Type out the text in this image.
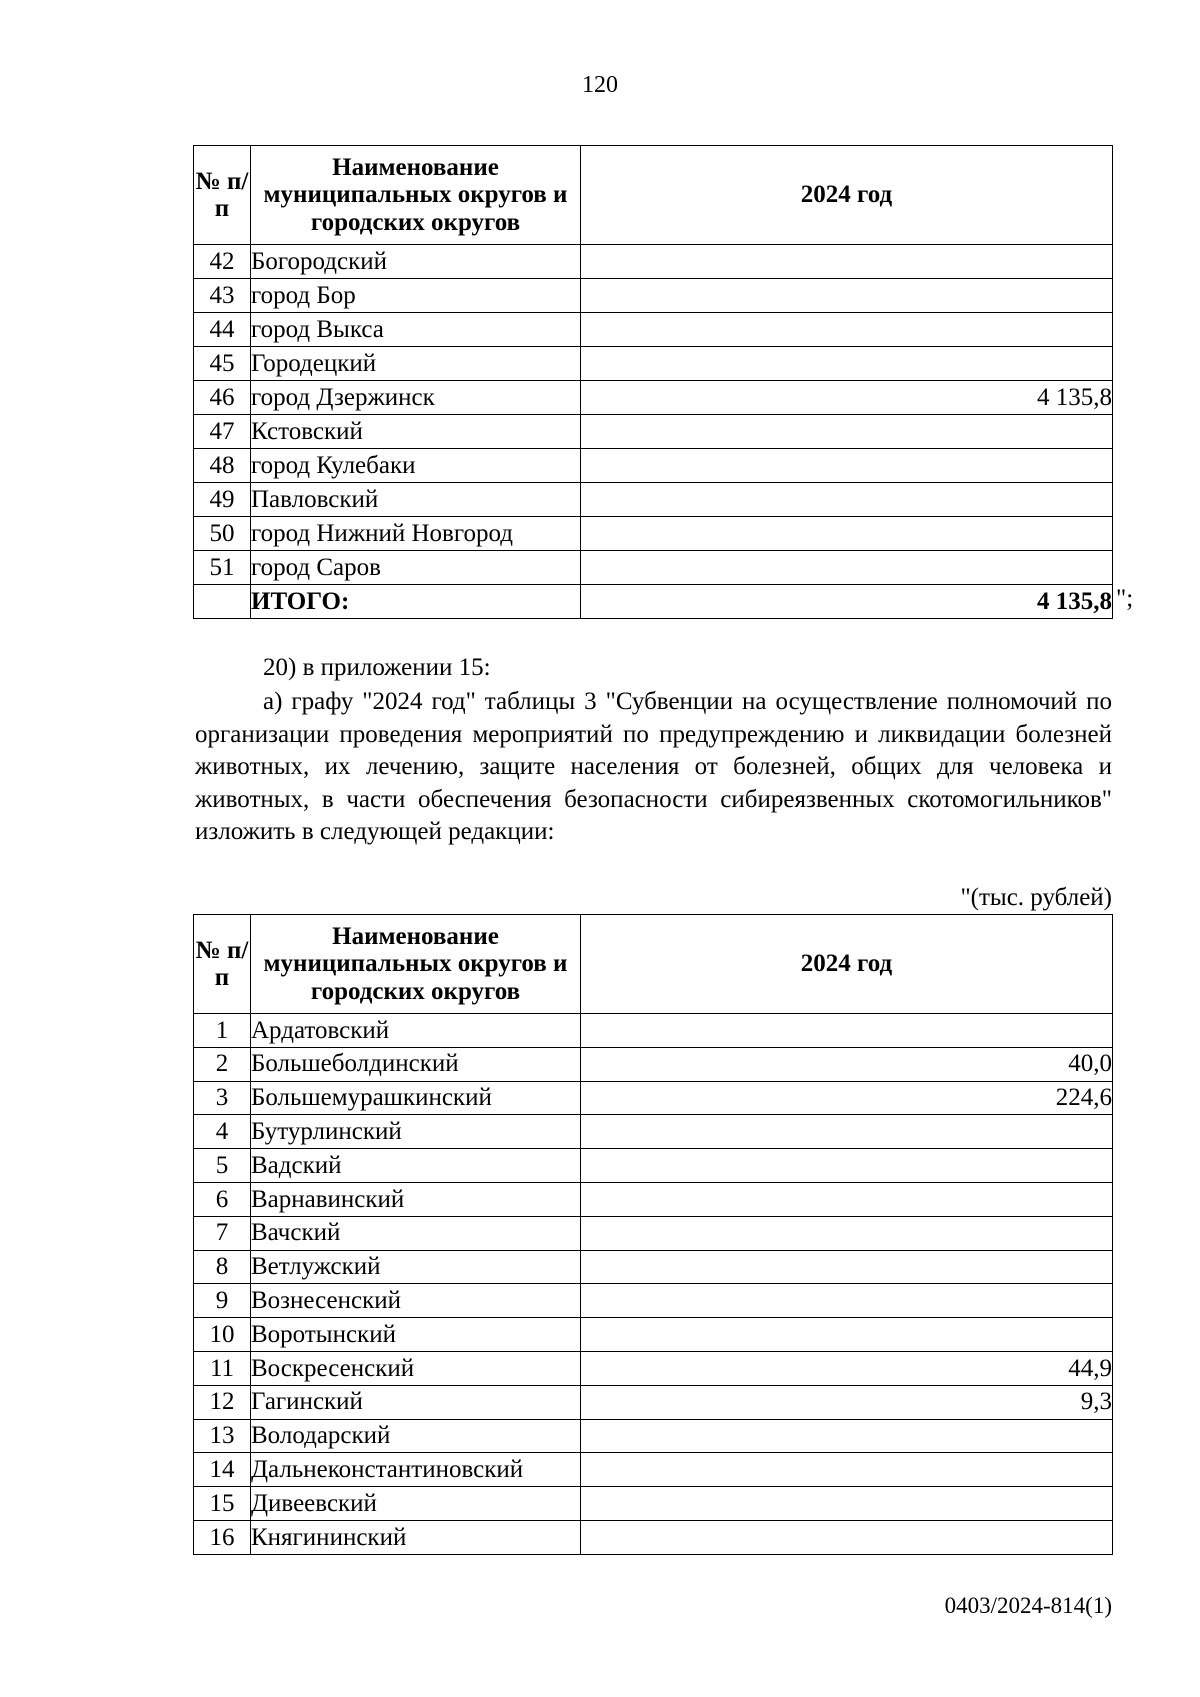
120
№ п/п	Наименование муниципальных округов и городских округов	2024 год
42	Богородский	
43	город Бор	
44	город Выкса	
45	Городецкий	
46	город Дзержинск	4 135,8
47	Кстовский	
48	город Кулебаки	
49	Павловский	
50	город Нижний Новгород	
51	город Саров	
	ИТОГО:	4 135,8 ";
20) в приложении 15:
а) графу "2024 год" таблицы 3 "Субвенции на осуществление полномочий по организации проведения мероприятий по предупреждению и ликвидации болезней животных, их лечению, защите населения от болезней, общих для человека и животных, в части обеспечения безопасности сибиреязвенных скотомогильников" изложить в следующей редакции:
"(тыс. рублей)
№ п/п	Наименование муниципальных округов и городских округов	2024 год
1	Ардатовский	
2	Большеболдинский	40,0
3	Большемурашкинский	224,6
4	Бутурлинский	
5	Вадский	
6	Варнавинский	
7	Вачский	
8	Ветлужский	
9	Вознесенский	
10	Воротынский	
11	Воскресенский	44,9
12	Гагинский	9,3
13	Володарский	
14	Дальнеконстантиновский	
15	Дивеевский	
16	Княгининский	
0403/2024-814(1)
